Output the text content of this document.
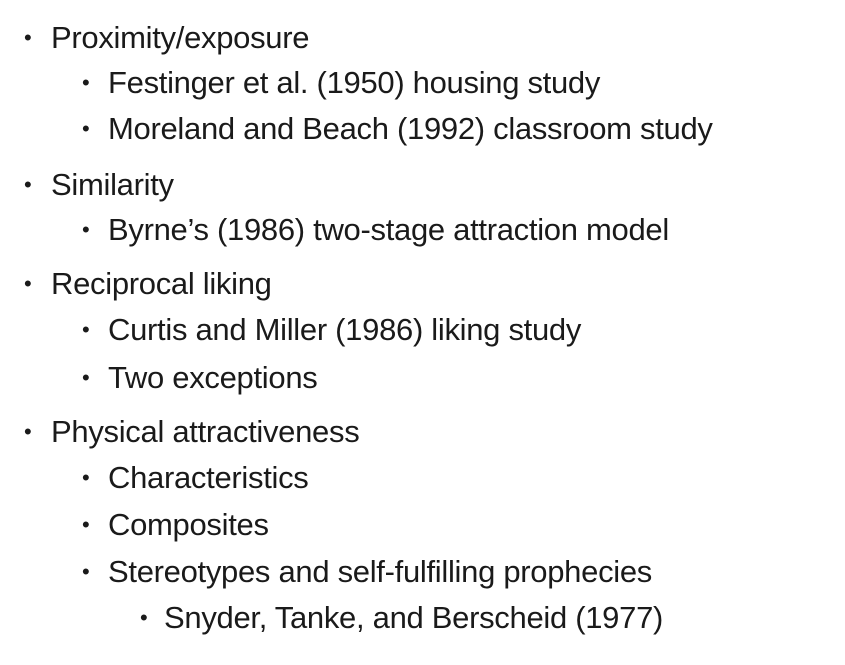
• Proximity/exposure
• Festinger et al. (1950) housing study
• Moreland and Beach (1992) classroom study
• Similarity
• Byrne’s (1986) two-stage attraction model
• Reciprocal liking
• Curtis and Miller (1986) liking study
• Two exceptions
• Physical attractiveness
• Characteristics
• Composites
• Stereotypes and self-fulfilling prophecies
• Snyder, Tanke, and Berscheid (1977)
